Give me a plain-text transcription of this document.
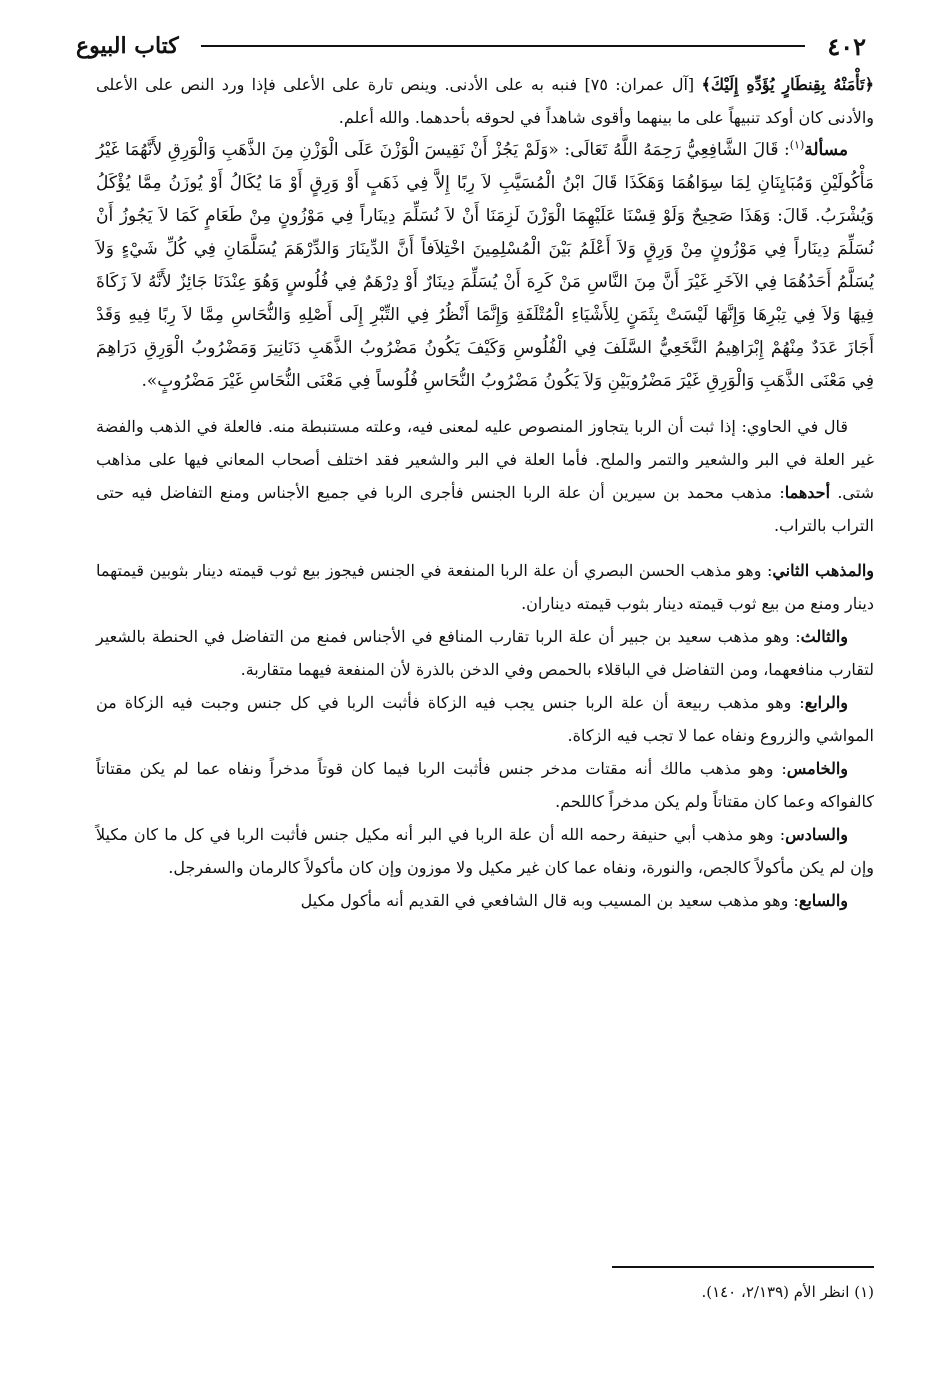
٤٠٢
كتاب البيوع

﴿تَأْمَنْهُ بِقِنطَارٍ يُؤَدِّهِ إِلَيْكَ﴾ [آل عمران: ٧٥] فنبه به على الأدنى. وينص تارة على الأعلى فإذا ورد النص على الأعلى والأدنى كان أوكد تنبيهاً على ما بينهما وأقوى شاهداً في لحوقه بأحدهما. والله أعلم.

مسألة$^{(١)}$: قَالَ الشَّافِعِيُّ رَحِمَهُ اللَّهُ تَعَالَى: «وَلَمْ يَجُزْ أَنْ نَقِيسَ الْوَزْنَ عَلَى الْوَزْنِ مِنَ الذَّهَبِ وَالْوَرِقِ لأَنَّهُمَا غَيْرُ مَأْكُولَيْنِ وَمُبَايِنَانِ لِمَا سِوَاهُمَا وَهَكَذَا قَالَ ابْنُ الْمُسَيَّبِ لاَ رِبًا إِلاَّ فِي ذَهَبٍ أَوْ وَرِقٍ أَوْ مَا يُكَالُ أَوْ يُوزَنُ مِمَّا يُؤْكَلُ وَيُشْرَبُ. قَالَ: وَهَذَا صَحِيحٌ وَلَوْ قِسْنَا عَلَيْهِمَا الْوَزْنَ لَزِمَنَا أَنْ لاَ نُسَلِّمَ دِينَاراً فِي مَوْزُونٍ مِنْ طَعَامٍ كَمَا لاَ يَجُوزُ أَنْ نُسَلِّمَ دِينَاراً فِي مَوْزُونٍ مِنْ وَرِقٍ وَلاَ أَعْلَمُ بَيْنَ الْمُسْلِمِينَ اخْتِلاَفاً أَنَّ الدِّينَارَ وَالدِّرْهَمَ يُسَلَّمَانِ فِي كُلِّ شَيْءٍ وَلاَ يُسَلَّمُ أَحَدُهُمَا فِي الآخَرِ غَيْرَ أَنَّ مِنَ النَّاسِ مَنْ كَرِهَ أَنْ يُسَلِّمَ دِينَارٌ أَوْ دِرْهَمٌ فِي فُلُوسٍ وَهُوَ عِنْدَنَا جَائِزٌ لأَنَّهُ لاَ زَكَاةَ فِيهَا وَلاَ فِي تِبْرِهَا وَإِنَّهَا لَيْسَتْ بِثَمَنٍ لِلأَشْيَاءِ الْمُتْلَفَةِ وَإِنَّمَا أَنْظُرُ فِي التِّبْرِ إِلَى أَصْلِهِ وَالنُّحَاسِ مِمَّا لاَ رِبًا فِيهِ وَقَدْ أَجَازَ عَدَدٌ مِنْهُمْ إِبْرَاهِيمُ النَّخَعِيُّ السَّلَفَ فِي الْفُلُوسِ وَكَيْفَ يَكُونُ مَضْرُوبُ الذَّهَبِ دَنَانِيرَ وَمَضْرُوبُ الْوَرِقِ دَرَاهِمَ فِي مَعْنَى الذَّهَبِ وَالْوَرِقِ غَيْرَ مَضْرُوبَيْنِ وَلاَ يَكُونُ مَضْرُوبُ النُّحَاسِ فُلُوساً فِي مَعْنَى النُّحَاسِ غَيْرَ مَضْرُوبٍ».

قال في الحاوي: إذا ثبت أن الربا يتجاوز المنصوص عليه لمعنى فيه، وعلته مستنبطة منه. فالعلة في الذهب والفضة غير العلة في البر والشعير والتمر والملح. فأما العلة في البر والشعير فقد اختلف أصحاب المعاني فيها على مذاهب شتى. أحدهما: مذهب محمد بن سيرين أن علة الربا الجنس فأجرى الربا في جميع الأجناس ومنع التفاضل فيه حتى التراب بالتراب.

والمذهب الثاني: وهو مذهب الحسن البصري أن علة الربا المنفعة في الجنس فيجوز بيع ثوب قيمته دينار بثوبين قيمتهما دينار ومنع من بيع ثوب قيمته دينار بثوب قيمته ديناران.

والثالث: وهو مذهب سعيد بن جبير أن علة الربا تقارب المنافع في الأجناس فمنع من التفاضل في الحنطة بالشعير لتقارب منافعهما، ومن التفاضل في الباقلاء بالحمص وفي الدخن بالذرة لأن المنفعة فيهما متقاربة.

والرابع: وهو مذهب ربيعة أن علة الربا جنس يجب فيه الزكاة فأثبت الربا في كل جنس وجبت فيه الزكاة من المواشي والزروع ونفاه عما لا تجب فيه الزكاة.

والخامس: وهو مذهب مالك أنه مقتات مدخر جنس فأثبت الربا فيما كان قوتاً مدخراً ونفاه عما لم يكن مقتاتاً كالفواكه وعما كان مقتاتاً ولم يكن مدخراً كاللحم.

والسادس: وهو مذهب أبي حنيفة رحمه الله أن علة الربا في البر أنه مكيل جنس فأثبت الربا في كل ما كان مكيلاً وإن لم يكن مأكولاً كالجص، والنورة، ونفاه عما كان غير مكيل ولا موزون وإن كان مأكولاً كالرمان والسفرجل.

والسابع: وهو مذهب سعيد بن المسيب وبه قال الشافعي في القديم أنه مأكول مكيل

(١) انظر الأم (٢/١٣٩، ١٤٠).
